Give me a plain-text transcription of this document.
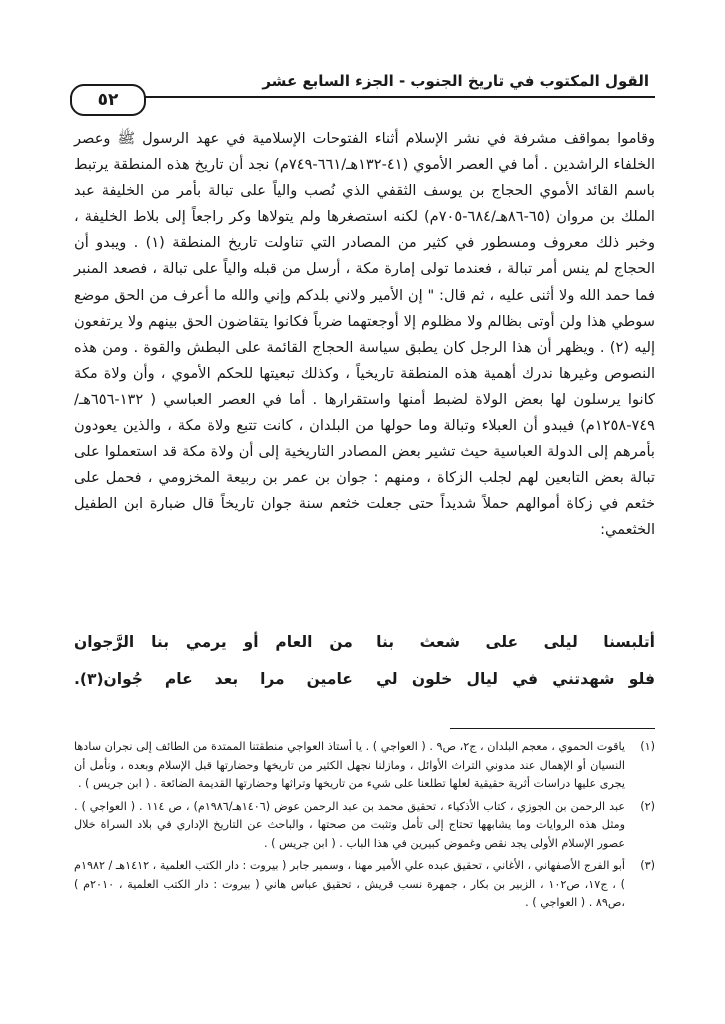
القول المكتوب في تاريخ الجنوب - الجزء السابع عشر
٥٢
وقاموا بمواقف مشرفة في نشر الإسلام أثناء الفتوحات الإسلامية في عهد الرسول ﷺ وعصر الخلفاء الراشدين . أما في العصر الأموي (٤١-١٣٢هـ/٦٦١-٧٤٩م) نجد أن تاريخ هذه المنطقة يرتبط باسم القائد الأموي الحجاج بن يوسف الثقفي الذي نُصب والياً على تبالة بأمر من الخليفة عبد الملك بن مروان (٦٥-٨٦هـ/٦٨٤-٧٠٥م) لكنه استصغرها ولم يتولاها وكر راجعاً إلى بلاط الخليفة ، وخبر ذلك معروف ومسطور في كثير من المصادر التي تناولت تاريخ المنطقة (١) . ويبدو أن الحجاج لم ينس أمر تبالة ، فعندما تولى إمارة مكة ، أرسل من قبله والياً على تبالة ، فصعد المنبر فما حمد الله ولا أثنى عليه ، ثم قال: " إن الأمير ولاني بلدكم وإني والله ما أعرف من الحق موضع سوطي هذا ولن أوتى بظالم ولا مظلوم إلا أوجعتهما ضرباً فكانوا يتقاضون الحق بينهم ولا يرتفعون إليه (٢) . ويظهر أن هذا الرجل كان يطبق سياسة الحجاج القائمة على البطش والقوة . ومن هذه النصوص وغيرها ندرك أهمية هذه المنطقة تاريخياً ، وكذلك تبعيتها للحكم الأموي ، وأن ولاة مكة كانوا يرسلون لها بعض الولاة لضبط أمنها واستقرارها . أما في العصر العباسي ( ١٣٢-٦٥٦هـ/٧٤٩-١٢٥٨م) فيبدو أن العبلاء وتبالة وما حولها من البلدان ، كانت تتبع ولاة مكة ، والذين يعودون بأمرهم إلى الدولة العباسية حيث تشير بعض المصادر التاريخية إلى أن ولاة مكة قد استعملوا على تبالة بعض التابعين لهم لجلب الزكاة ، ومنهم : جوان بن عمر بن ربيعة المخزومي ، فحمل على خثعم في زكاة أموالهم حملاً شديداً حتى جعلت خثعم سنة جوان تاريخاً قال ضبارة ابن الطفيل الخثعمي:
أتلبسنا ليلى على شعث بنا
من العام أو يرمي بنا الرَّجوان
فلو شهدتني في ليال خلون لي
عامين مرا بعد عام جُوان(٣).
(١)
ياقوت الحموي ، معجم البلدان ، ج٢، ص٩ . ( العواجي ) . يا أستاذ العواجي منطقتنا الممتدة من الطائف إلى نجران سادها النسيان أو الإهمال عند مدوني التراث الأوائل ، ومازلنا نجهل الكثير من تاريخها وحضارتها قبل الإسلام وبعده ، ونأمل أن يجرى عليها دراسات أثرية حقيقية لعلها تطلعنا على شيء من تاريخها وتراثها وحضارتها القديمة الضائعة . ( ابن جريس ) .
(٢)
عبد الرحمن بن الجوزي ، كتاب الأذكياء ، تحقيق محمد بن عبد الرحمن عوض (١٤٠٦هـ/١٩٨٦م) ، ص ١١٤ . ( العواجي ) . ومثل هذه الروايات وما يشابهها تحتاج إلى تأمل وتثبت من صحتها ، والباحث عن التاريخ الإداري في بلاد السراة خلال عصور الإسلام الأولى يجد نقص وغموض كبيرين في هذا الباب . ( ابن جريس ) .
(٣)
أبو الفرج الأصفهاني ، الأغاني ، تحقيق عبده علي الأمير مهنا ، وسمير جابر ( بيروت : دار الكتب العلمية ، ١٤١٢هـ / ١٩٨٢م ) ، ج١٧، ص١٠٢ ، الزبير بن بكار ، جمهرة نسب قريش ، تحقيق عباس هاني ( بيروت : دار الكتب العلمية ، ٢٠١٠م ) ،ص٨٩ . ( العواجي ) .
